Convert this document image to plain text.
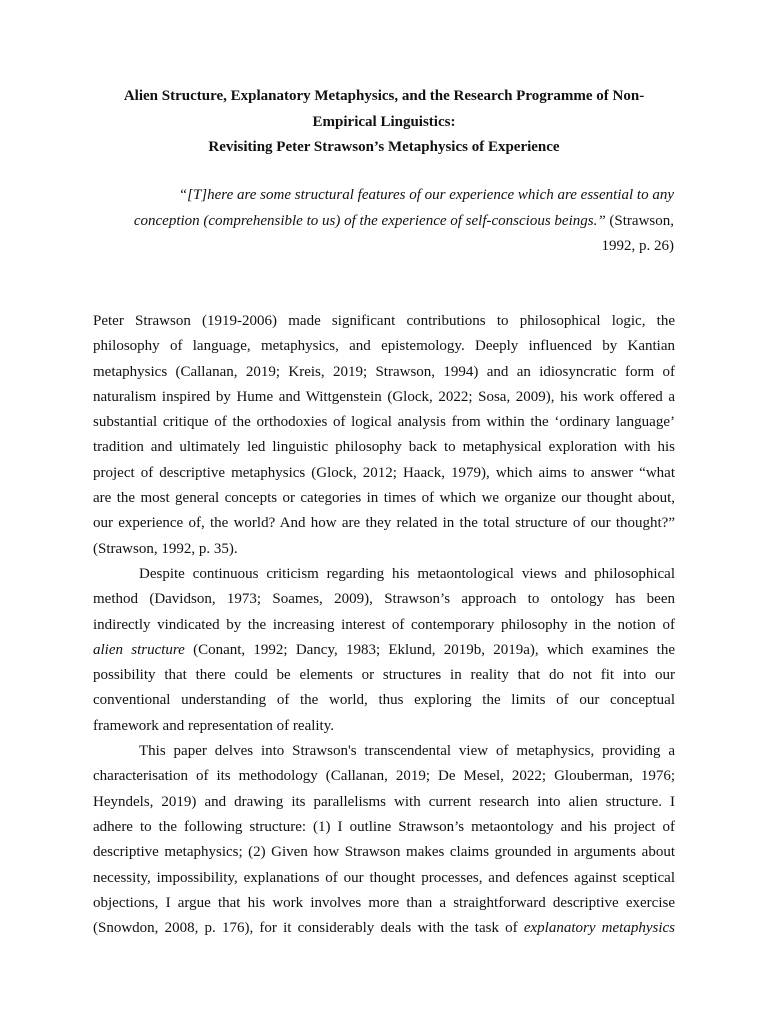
Alien Structure, Explanatory Metaphysics, and the Research Programme of Non-
Empirical Linguistics:
Revisiting Peter Strawson’s Metaphysics of Experience
“[T]here are some structural features of our experience which are essential to any
conception (comprehensible to us) of the experience of self-conscious beings.” (Strawson,
1992, p. 26)
Peter Strawson (1919-2006) made significant contributions to philosophical logic, the
philosophy of language, metaphysics, and epistemology. Deeply influenced by Kantian
metaphysics (Callanan, 2019; Kreis, 2019; Strawson, 1994) and an idiosyncratic form of
naturalism inspired by Hume and Wittgenstein (Glock, 2022; Sosa, 2009), his work offered a
substantial critique of the orthodoxies of logical analysis from within the ‘ordinary language’
tradition and ultimately led linguistic philosophy back to metaphysical exploration with his
project of descriptive metaphysics (Glock, 2012; Haack, 1979), which aims to answer “what
are the most general concepts or categories in times of which we organize our thought about,
our experience of, the world? And how are they related in the total structure of our thought?”
(Strawson, 1992, p. 35).
Despite continuous criticism regarding his metaontological views and philosophical
method (Davidson, 1973; Soames, 2009), Strawson’s approach to ontology has been
indirectly vindicated by the increasing interest of contemporary philosophy in the notion of
alien structure (Conant, 1992; Dancy, 1983; Eklund, 2019b, 2019a), which examines the
possibility that there could be elements or structures in reality that do not fit into our
conventional understanding of the world, thus exploring the limits of our conceptual
framework and representation of reality.
This paper delves into Strawson's transcendental view of metaphysics, providing a
characterisation of its methodology (Callanan, 2019; De Mesel, 2022; Glouberman, 1976;
Heyndels, 2019) and drawing its parallelisms with current research into alien structure. I
adhere to the following structure: (1) I outline Strawson’s metaontology and his project of
descriptive metaphysics; (2) Given how Strawson makes claims grounded in arguments about
necessity, impossibility, explanations of our thought processes, and defences against sceptical
objections, I argue that his work involves more than a straightforward descriptive exercise
(Snowdon, 2008, p. 176), for it considerably deals with the task of explanatory metaphysics
